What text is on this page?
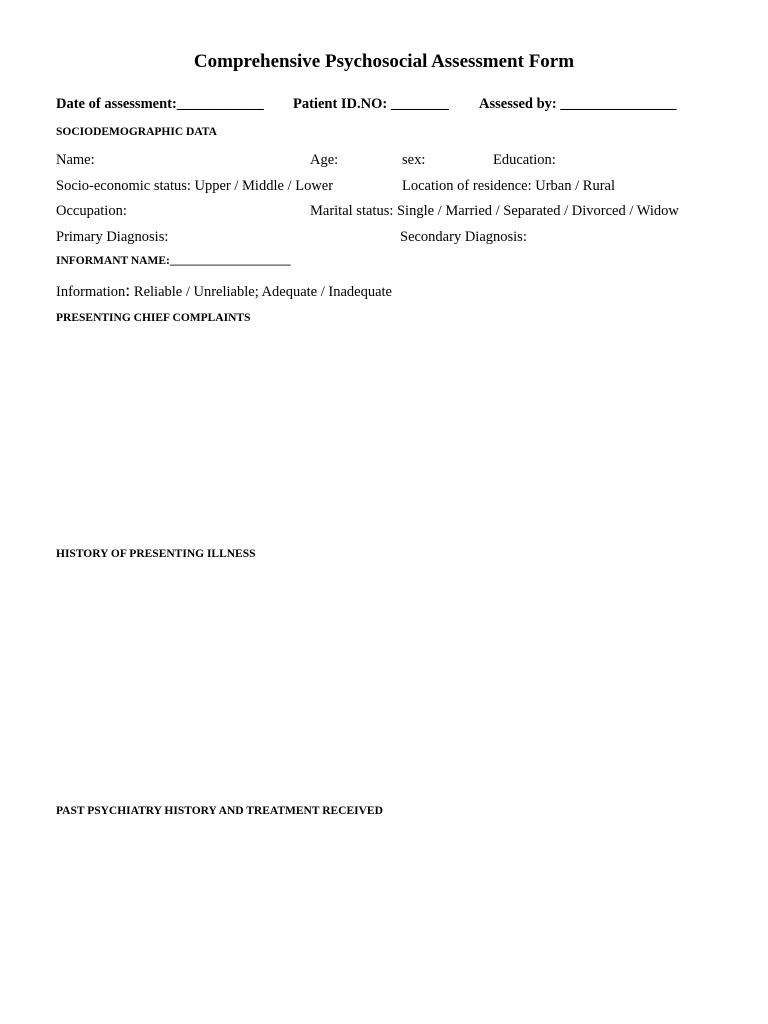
Comprehensive Psychosocial Assessment Form
Date of assessment:____________ Patient ID.NO: ________ Assessed by: ________________
SOCIODEMOGRAPHIC DATA
Name:	Age:	sex:	Education:
Socio-economic status: Upper / Middle / Lower	Location of residence: Urban / Rural
Occupation:	Marital status: Single / Married / Separated / Divorced / Widow
Primary Diagnosis:	Secondary Diagnosis:
INFORMANT NAME:_____________________
Information: Reliable / Unreliable; Adequate / Inadequate
PRESENTING CHIEF COMPLAINTS
HISTORY OF PRESENTING ILLNESS
PAST PSYCHIATRY HISTORY AND TREATMENT RECEIVED
